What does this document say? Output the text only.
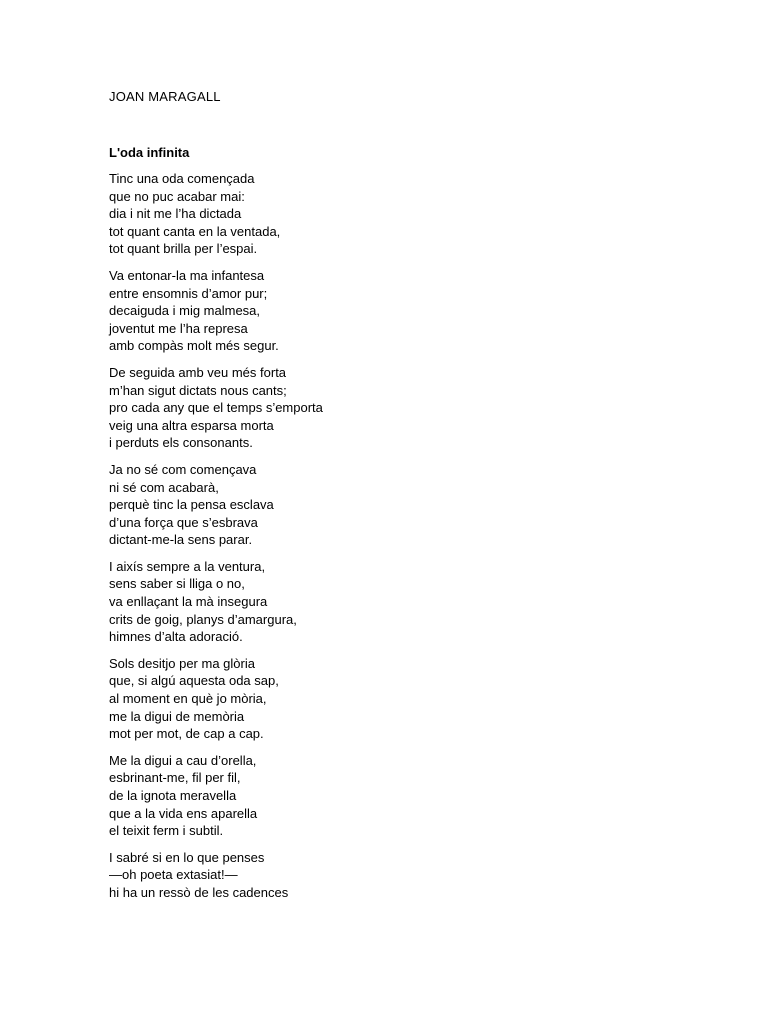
JOAN MARAGALL

L'oda infinita

Tinc una oda començada
que no puc acabar mai:
dia i nit me l’ha dictada
tot quant canta en la ventada,
tot quant brilla per l’espai.
Va entonar-la ma infantesa
entre ensomnis d’amor pur;
decaiguda i mig malmesa,
joventut me l’ha represa
amb compàs molt més segur.
De seguida amb veu més forta
m’han sigut dictats nous cants;
pro cada any que el temps s’emporta
veig una altra esparsa morta
i perduts els consonants.
Ja no sé com començava
ni sé com acabarà,
perquè tinc la pensa esclava
d’una força que s’esbrava
dictant-me-la sens parar.
I aixís sempre a la ventura,
sens saber si lliga o no,
va enllaçant la mà insegura
crits de goig, planys d’amargura,
himnes d’alta adoració.
Sols desitjo per ma glòria
que, si algú aquesta oda sap,
al moment en què jo mòria,
me la digui de memòria
mot per mot, de cap a cap.
Me la digui a cau d’orella,
esbrinant-me, fil per fil,
de la ignota meravella
que a la vida ens aparella
el teixit ferm i subtil.
I sabré si en lo que penses
—oh poeta extasiat!—
hi ha un ressò de les cadences
